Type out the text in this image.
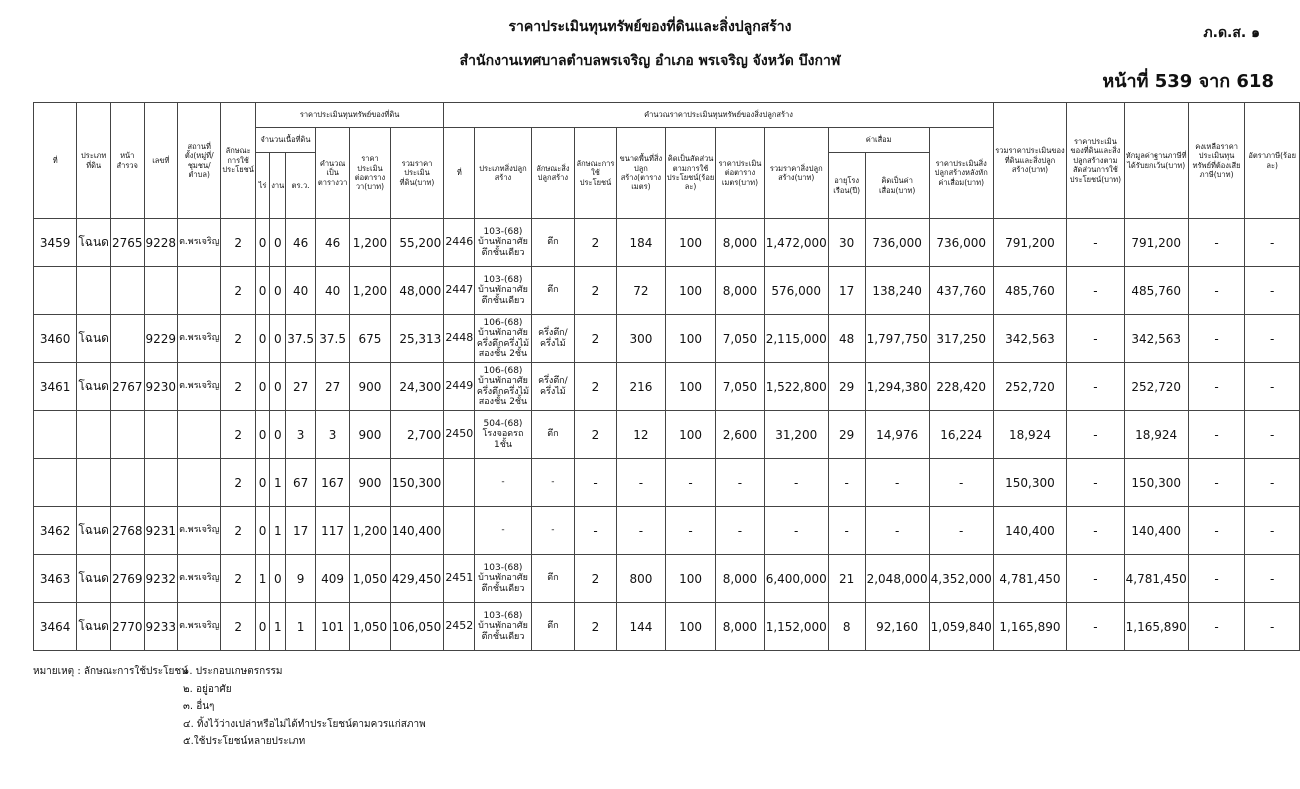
ราคาประเมินทุนทรัพย์ของที่ดินและสิ่งปลูกสร้าง
สำนักงานเทศบาลตำบลพรเจริญ อำเภอ พรเจริญ จังหวัด บึงกาฬ
ภ.ด.ส. ๑
หน้าที่ 539 จาก 618
ที่	ประเภทที่ดิน	หน้าสำรวจ	เลขที่	สถานที่ตั้ง(หมู่ที่/ชุมชน/ตำบล)	ลักษณะการใช้ประโยชน์	ราคาประเมินทุนทรัพย์ของที่ดิน						คำนวณราคาประเมินทุนทรัพย์ของสิ่งปลูกสร้าง											รวมราคาประเมินของที่ดินและสิ่งปลูกสร้าง(บาท)	ราคาประเมินของที่ดินและสิ่งปลูกสร้างตามสัดส่วนการใช้ประโยชน์(บาท)	หักมูลค่าฐานภาษีที่ได้รับยกเว้น(บาท)	คงเหลือราคาประเมินทุนทรัพย์ที่ต้องเสียภาษี(บาท)	อัตราภาษี(ร้อยละ)
						จำนวนเนื้อที่ดิน			คำนวณเป็นตารางวา	ราคาประเมินต่อตารางวา(บาท)	รวมราคาประเมินที่ดิน(บาท)	ที่	ประเภทสิ่งปลูกสร้าง	ลักษณะสิ่งปลูกสร้าง	ลักษณะการใช้ประโยชน์	ขนาดพื้นที่สิ่งปลูกสร้าง(ตารางเมตร)	คิดเป็นสัดส่วนตามการใช้ประโยชน์(ร้อยละ)	ราคาประเมินต่อตารางเมตร(บาท)	รวมราคาสิ่งปลูกสร้าง(บาท)	ค่าเสื่อม		ราคาประเมินสิ่งปลูกสร้างหลังหักค่าเสื่อม(บาท)					
						ไร่	งาน	ตร.ว.												อายุโรงเรือน(ปี)	คิดเป็นค่าเสื่อม(บาท)						
3459	โฉนด	2765	9228	ต.พรเจริญ	2	0	0	46	46	1,200	55,200	2446	103-(68) บ้านพักอาศัยตึกชั้นเดียว	ตึก	2	184	100	8,000	1,472,000	30	736,000	736,000	791,200	-	791,200	-	-
					2	0	0	40	40	1,200	48,000	2447	103-(68) บ้านพักอาศัยตึกชั้นเดียว	ตึก	2	72	100	8,000	576,000	17	138,240	437,760	485,760	-	485,760	-	-
3460	โฉนด		9229	ต.พรเจริญ	2	0	0	37.5	37.5	675	25,313	2448	106-(68) บ้านพักอาศัยครึ่งตึกครึ่งไม้สองชั้น 2ชั้น	ครึ่งตึก/ครึ่งไม้	2	300	100	7,050	2,115,000	48	1,797,750	317,250	342,563	-	342,563	-	-
3461	โฉนด	2767	9230	ต.พรเจริญ	2	0	0	27	27	900	24,300	2449	106-(68) บ้านพักอาศัยครึ่งตึกครึ่งไม้สองชั้น 2ชั้น	ครึ่งตึก/ครึ่งไม้	2	216	100	7,050	1,522,800	29	1,294,380	228,420	252,720	-	252,720	-	-
					2	0	0	3	3	900	2,700	2450	504-(68) โรงจอดรถ 1ชั้น	ตึก	2	12	100	2,600	31,200	29	14,976	16,224	18,924	-	18,924	-	-
					2	0	1	67	167	900	150,300		-	-	-	-	-	-	-	-	-	-	150,300	-	150,300	-	-
3462	โฉนด	2768	9231	ต.พรเจริญ	2	0	1	17	117	1,200	140,400		-	-	-	-	-	-	-	-	-	-	140,400	-	140,400	-	-
3463	โฉนด	2769	9232	ต.พรเจริญ	2	1	0	9	409	1,050	429,450	2451	103-(68) บ้านพักอาศัยตึกชั้นเดียว	ตึก	2	800	100	8,000	6,400,000	21	2,048,000	4,352,000	4,781,450	-	4,781,450	-	-
3464	โฉนด	2770	9233	ต.พรเจริญ	2	0	1	1	101	1,050	106,050	2452	103-(68) บ้านพักอาศัยตึกชั้นเดียว	ตึก	2	144	100	8,000	1,152,000	8	92,160	1,059,840	1,165,890	-	1,165,890	-	-
หมายเหตุ : ลักษณะการใช้ประโยชน์
๑. ประกอบเกษตรกรรม
๒. อยู่อาศัย
๓. อื่นๆ
๔. ทิ้งไว้ว่างเปล่าหรือไม่ได้ทำประโยชน์ตามควรแก่สภาพ
๕.ใช้ประโยชน์หลายประเภท
